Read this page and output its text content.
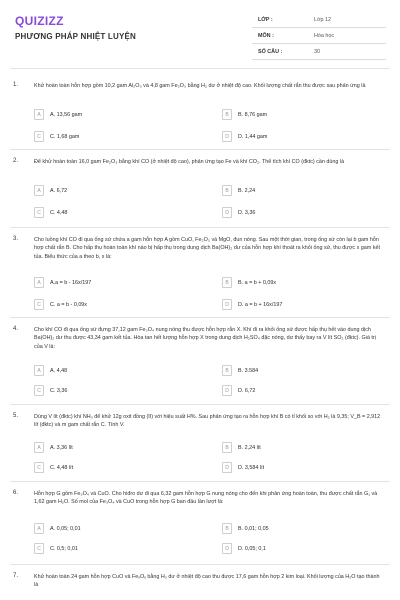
QUIZIZZ
PHƯƠNG PHÁP NHIỆT LUYỆN
LỚP :	Lớp 12
MÔN :	Hóa học
SỐ CÂU :	30
1.	Khử hoàn toàn hỗn hợp gồm 10,2 gam Al₂O₃ và 4,8 gam Fe₂O₃ bằng H₂ dư ở nhiệt độ cao. Khối lượng chất rắn thu được sau phản ứng là
A	A. 13,56 gam	B	B. 8,76 gam
C	C. 1,68 gam	D	D. 1,44 gam
2.	Để khử hoàn toàn 16,0 gam Fe₂O₃ bằng khí CO (ở nhiệt độ cao), phản ứng tạo Fe và khí CO₂. Thể tích khí CO (đktc) cần dùng là
A	A. 6,72	B	B. 2,24
C	C. 4,48	D	D. 3,36
3.	Cho luồng khí CO đi qua ống sứ chứa a gam hỗn hợp A gồm CuO, Fe₂O₃ và MgO, đun nóng. Sau một thời gian, trong ống sứ còn lại b gam hỗn hợp chất rắn B. Cho hấp thụ hoàn toàn khí nào bị hấp thụ trong dung dịch Ba(OH)₂ dư của hỗn hợp khí thoát ra khỏi ống sứ, thu được x gam kết tủa. Biểu thức của a theo b, x là:
A	A.a = b - 16x/197	B	B. a = b + 0,09x
C	C. a = b - 0,09x	D	D. a = b + 16x/197
4.	Cho khí CO đi qua ống sứ đựng 37,12 gam Fe₃O₄ nung nóng thu được hỗn hợp rắn X. Khí đi ra khỏi ống sứ được hấp thụ hết vào dung dịch Ba(OH)₂ dư thu được 43,34 gam kết tủa. Hòa tan hết lượng hỗn hợp X trong dung dịch H₂SO₄ đặc nóng, dư thấy bay ra V lít SO₂ (đktc). Giá trị của V là:
A	A. 4,48	B	B. 3.584
C	C. 3,36	D	D. 6,72
5.	Dùng V lít (đktc) khí NH₃ để khử 12g oxit đồng (II) với hiệu suất H%. Sau phản ứng tạo ra hỗn hợp khí B có tỉ khối so với H₂ là 9,35; V_B = 2,912 lít (đktc) và m gam chất rắn C. Tính V.
A	A. 3,36 lít	B	B. 2,24 lít
C	C. 4,48 lít	D	D. 3,584 lít
6.	Hỗn hợp G gồm Fe₃O₄ và CuO. Cho hiđro dư đi qua 6,32 gam hỗn hợp G nung nóng cho đến khi phản ứng hoàn toàn, thu được chất rắn G₁ và 1,62 gam H₂O. Số mol của Fe₃O₄ và CuO trong hỗn hợp G ban đầu lần lượt là:
A	A. 0,05; 0,01	B	B. 0,01; 0,05
C	C. 0,5; 0,01	D	D. 0,05; 0,1
7.	Khử hoàn toàn 24 gam hỗn hợp CuO và FeₓOᵧ bằng H₂ dư ở nhiệt độ cao thu được 17,6 gam hỗn hợp 2 kim loại. Khối lượng của H₂O tạo thành là
